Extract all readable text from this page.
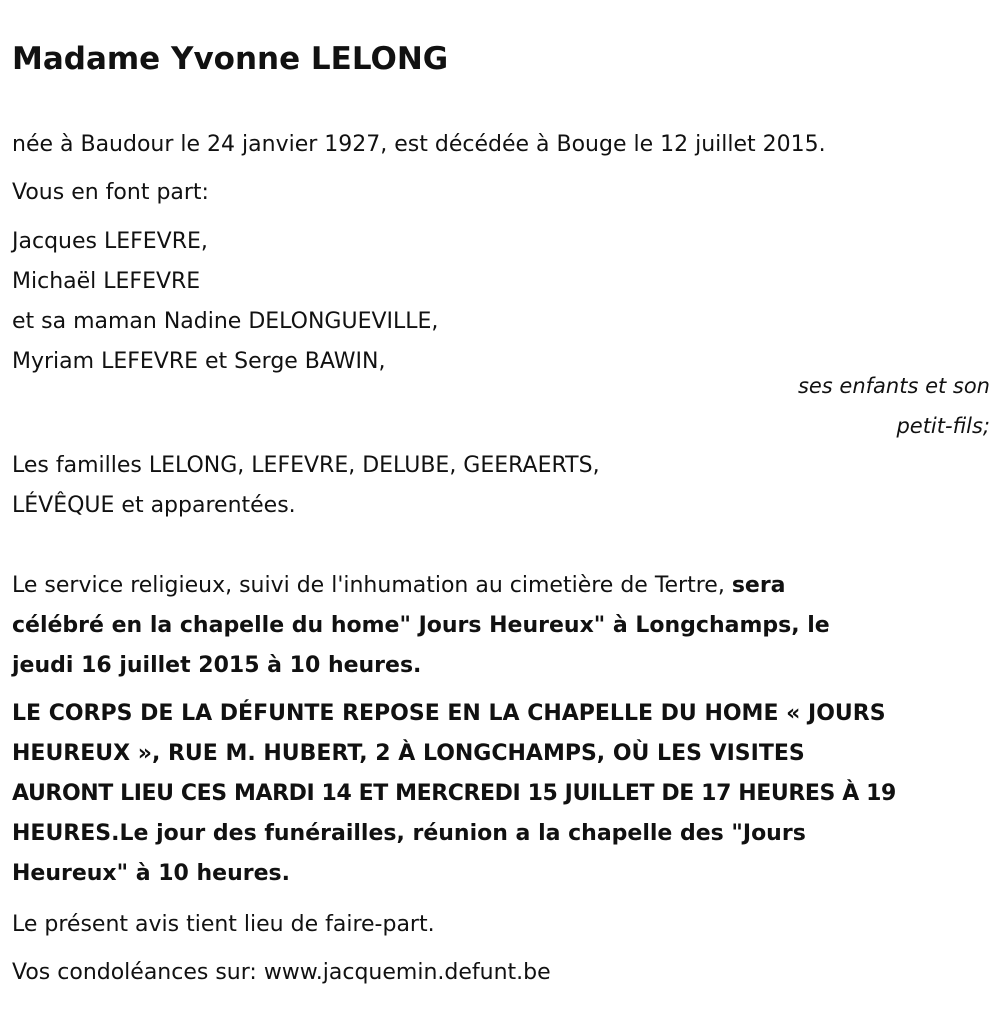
Madame Yvonne LELONG
née à Baudour le 24 janvier 1927, est décédée à Bouge le 12 juillet 2015.
Vous en font part:
Jacques LEFEVRE,
Michaël LEFEVRE
et sa maman Nadine DELONGUEVILLE,
Myriam LEFEVRE et Serge BAWIN,
ses enfants et son
petit-fils;
Les familles LELONG, LEFEVRE, DELUBE, GEERAERTS,
LÉVÊQUE et apparentées.
Le service religieux, suivi de l'inhumation au cimetière de Tertre, sera
célébré en la chapelle du home" Jours Heureux" à Longchamps, le
jeudi 16 juillet 2015 à 10 heures.
LE CORPS DE LA DÉFUNTE REPOSE EN LA CHAPELLE DU HOME « JOURS
HEUREUX », RUE M. HUBERT, 2 À LONGCHAMPS, OÙ LES VISITES
AURONT LIEU CES MARDI 14 ET MERCREDI 15 JUILLET DE 17 HEURES À 19
HEURES.Le jour des funérailles, réunion a la chapelle des "Jours
Heureux" à 10 heures.
Le présent avis tient lieu de faire-part.
Vos condoléances sur: www.jacquemin.defunt.be
